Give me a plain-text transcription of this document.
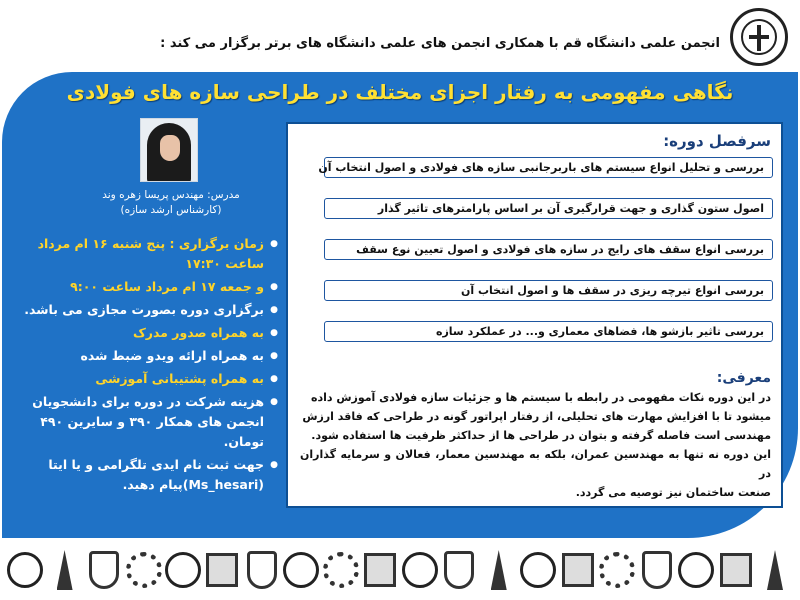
انجمن علمی دانشگاه قم با همکاری انجمن های علمی دانشگاه های برتر برگزار می کند :
نگاهی مفهومی به رفتار اجزای مختلف در طراحی سازه های فولادی
سرفصل دوره:
بررسی و تحلیل انواع سیستم های باربرجانبی سازه های فولادی و اصول انتخاب آن
اصول ستون گذاری و جهت قرارگیری آن بر اساس پارامترهای تاثیر گذار
بررسی انواع سقف های رایج در سازه های فولادی و اصول تعیین نوع سقف
بررسی انواع تیرچه ریزی در سقف ها و اصول انتخاب آن
بررسی تاثیر بازشو ها، فضاهای معماری و... در عملکرد سازه
معرفی:
در این دوره نکات مفهومی در رابطه با سیستم ها و جزئیات سازه فولادی آموزش داده
میشود تا با افزایش مهارت های تحلیلی، از رفتار اپراتور گونه در طراحی که فاقد ارزش
مهندسی است فاصله گرفته و بتوان در طراحی ها از حداکثر ظرفیت ها استفاده شود.
این دوره نه تنها به مهندسین عمران، بلکه به مهندسین معمار، فعالان و سرمایه گذاران در
صنعت ساختمان نیز توصیه می گردد.
مدرس: مهندس پریسا زهره وند
(کارشناس ارشد سازه)

● زمان برگزاری : پنج شنبه ۱۶ ام مرداد ساعت ۱۷:۳۰

● و جمعه ۱۷ ام مرداد ساعت ۹:۰۰

● برگزاری دوره بصورت مجازی می باشد.

● به همراه صدور مدرک

● به همراه ارائه ویدو ضبط شده

● به همراه پشتیبانی آموزشی

● هزینه شرکت در دوره برای دانشجویان انجمن های همکار ۳۹۰ و سایرین ۴۹۰ تومان.

● جهت ثبت نام ایدی تلگرامی و یا ایتا (Ms_hesari)پیام دهید.
